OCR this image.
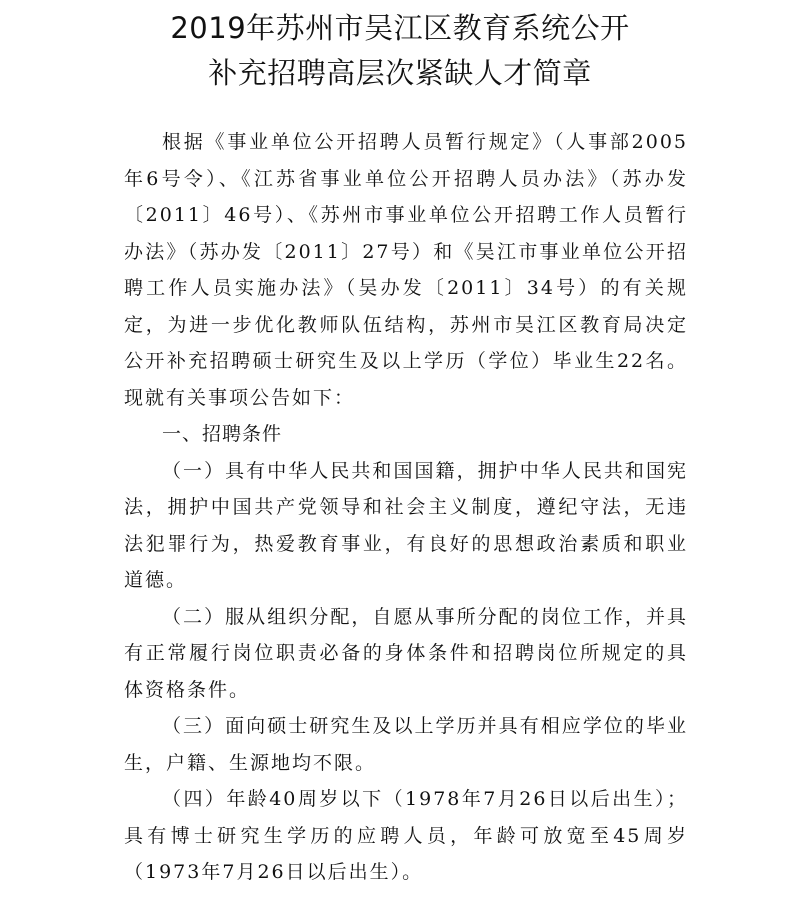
2019年苏州市吴江区教育系统公开
补充招聘高层次紧缺人才简章

根据《事业单位公开招聘人员暂行规定》（人事部2005年6号令）、《江苏省事业单位公开招聘人员办法》（苏办发〔2011〕46号）、《苏州市事业单位公开招聘工作人员暂行办法》（苏办发〔2011〕27号）和《吴江市事业单位公开招聘工作人员实施办法》（吴办发〔2011〕34号）的有关规定，为进一步优化教师队伍结构，苏州市吴江区教育局决定公开补充招聘硕士研究生及以上学历（学位）毕业生22名。现就有关事项公告如下：

一、招聘条件

（一）具有中华人民共和国国籍，拥护中华人民共和国宪法，拥护中国共产党领导和社会主义制度，遵纪守法，无违法犯罪行为，热爱教育事业，有良好的思想政治素质和职业道德。

（二）服从组织分配，自愿从事所分配的岗位工作，并具有正常履行岗位职责必备的身体条件和招聘岗位所规定的具体资格条件。

（三）面向硕士研究生及以上学历并具有相应学位的毕业生，户籍、生源地均不限。

（四）年龄40周岁以下（1978年7月26日以后出生）；具有博士研究生学历的应聘人员，年龄可放宽至45周岁（1973年7月26日以后出生）。
